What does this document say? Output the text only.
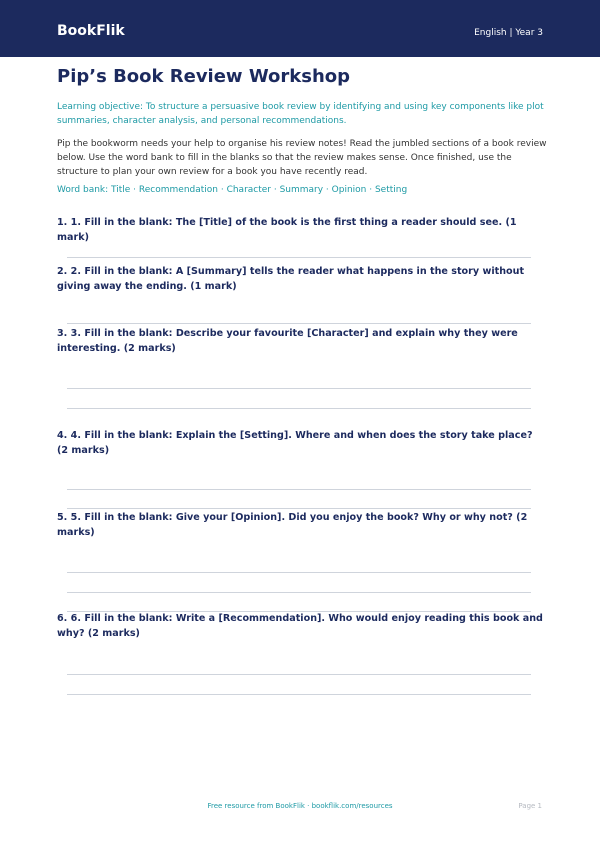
BookFlik	English | Year 3
Pip’s Book Review Workshop
Learning objective: To structure a persuasive book review by identifying and using key components like plot summaries, character analysis, and personal recommendations.
Pip the bookworm needs your help to organise his review notes! Read the jumbled sections of a book review below. Use the word bank to fill in the blanks so that the review makes sense. Once finished, use the structure to plan your own review for a book you have recently read.
Word bank: Title · Recommendation · Character · Summary · Opinion · Setting
1. 1. Fill in the blank: The [Title] of the book is the first thing a reader should see. (1 mark)
2. 2. Fill in the blank: A [Summary] tells the reader what happens in the story without giving away the ending. (1 mark)
3. 3. Fill in the blank: Describe your favourite [Character] and explain why they were interesting. (2 marks)
4. 4. Fill in the blank: Explain the [Setting]. Where and when does the story take place? (2 marks)
5. 5. Fill in the blank: Give your [Opinion]. Did you enjoy the book? Why or why not? (2 marks)
6. 6. Fill in the blank: Write a [Recommendation]. Who would enjoy reading this book and why? (2 marks)
Free resource from BookFlik · bookflik.com/resources	Page 1
